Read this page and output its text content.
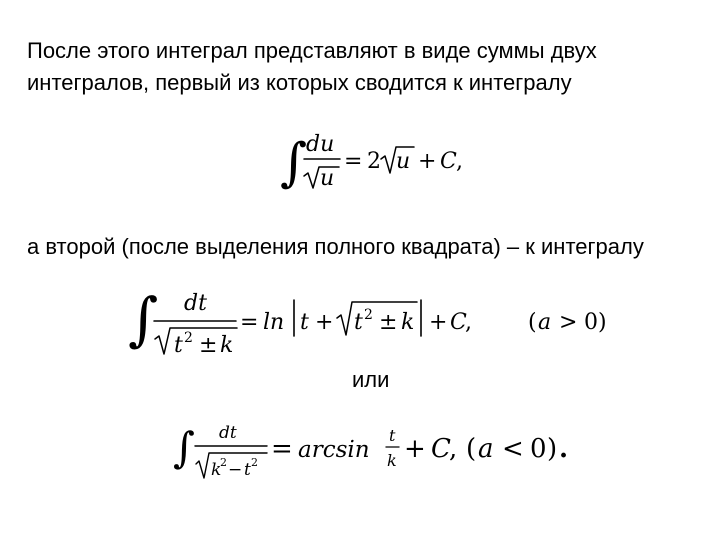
После этого интеграл представляют в виде суммы двух
интегралов, первый из которых сводится к интегралу
а второй (после выделения полного квадрата) – к интегралу
или
∫
du
u
= 2 u + C ,
∫ dt
t 2 ± k
= ln t + t 2 ± k + C
,	( a > 0 )
∫ dt
k
2 − t 2 = arcsin
t
k + C
, ( a < 0 ) .
